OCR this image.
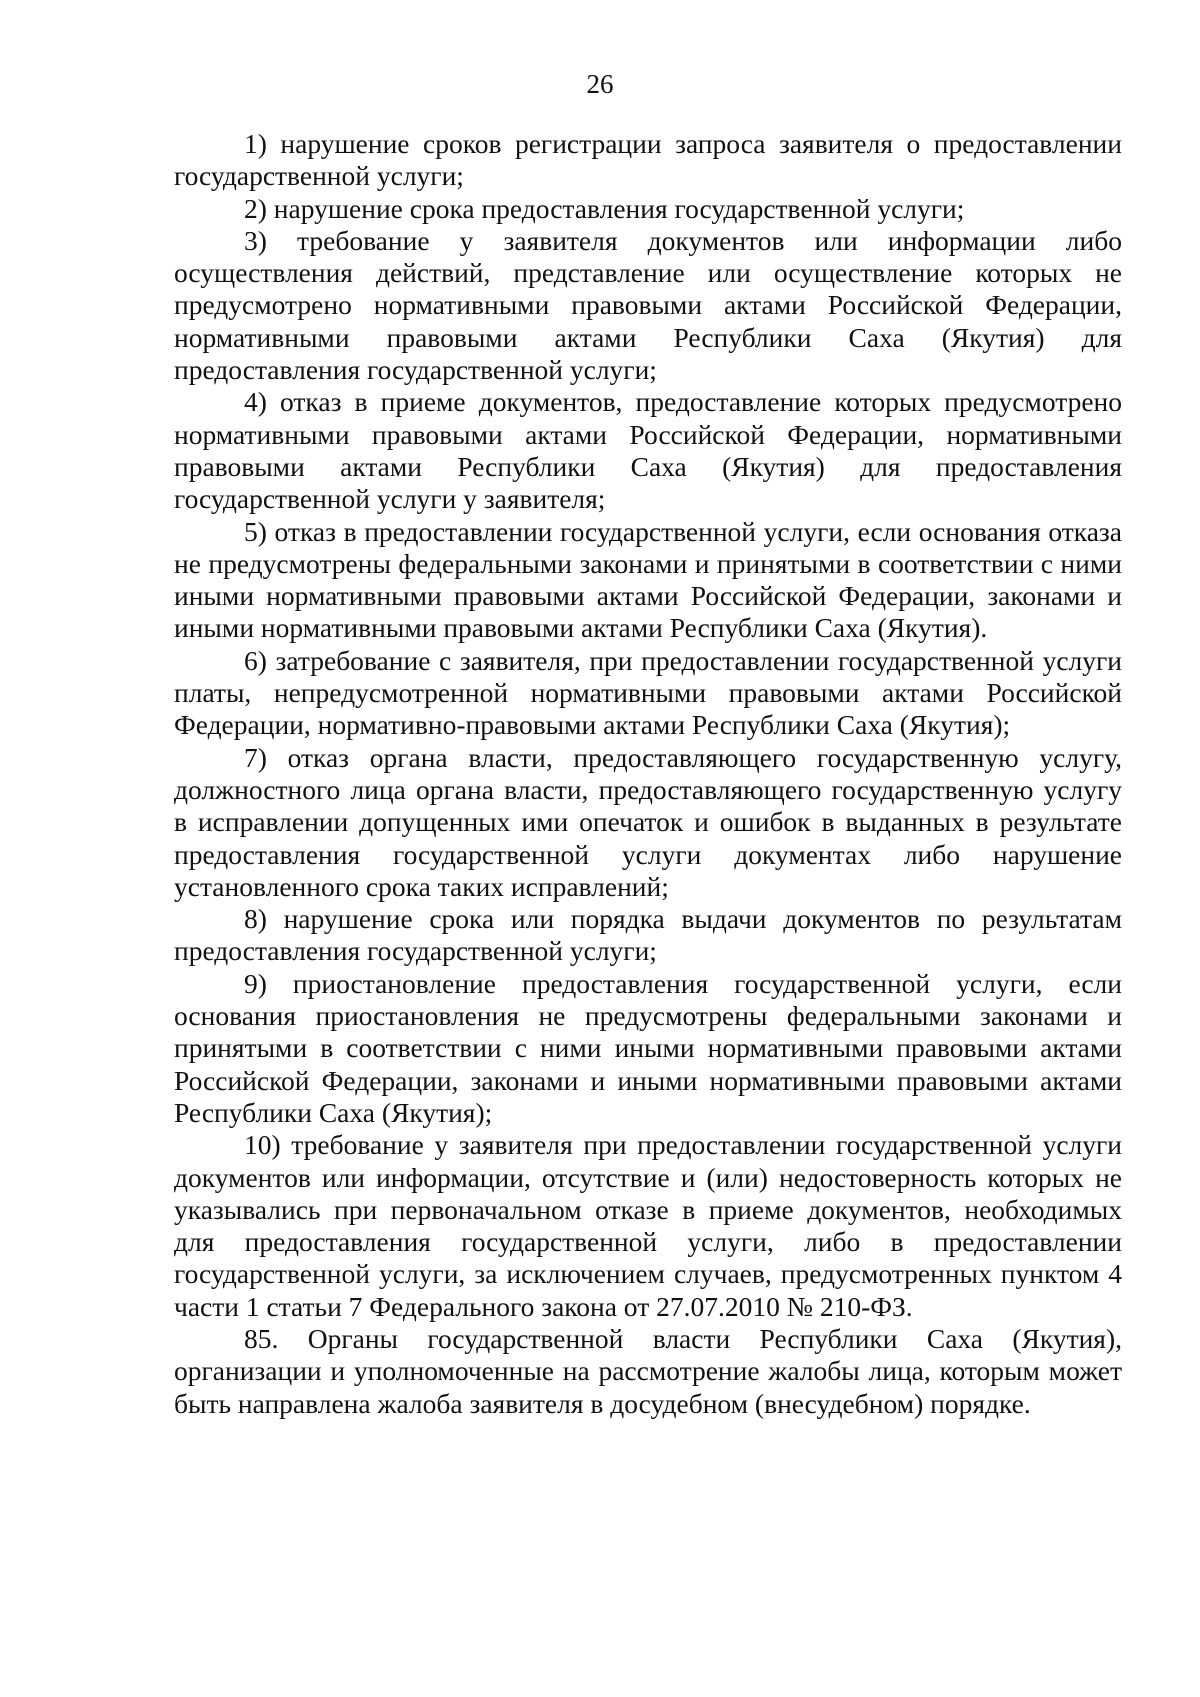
26

1) нарушение сроков регистрации запроса заявителя о предоставлении государственной услуги;

2) нарушение срока предоставления государственной услуги;

3) требование у заявителя документов или информации либо осуществления действий, представление или осуществление которых не предусмотрено нормативными правовыми актами Российской Федерации, нормативными правовыми актами Республики Саха (Якутия) для предоставления государственной услуги;

4) отказ в приеме документов, предоставление которых предусмотрено нормативными правовыми актами Российской Федерации, нормативными правовыми актами Республики Саха (Якутия) для предоставления государственной услуги у заявителя;

5) отказ в предоставлении государственной услуги, если основания отказа не предусмотрены федеральными законами и принятыми в соответствии с ними иными нормативными правовыми актами Российской Федерации, законами и иными нормативными правовыми актами Республики Саха (Якутия).

6) затребование с заявителя, при предоставлении государственной услуги платы, непредусмотренной нормативными правовыми актами Российской Федерации, нормативно-правовыми актами Республики Саха (Якутия);

7) отказ органа власти, предоставляющего государственную услугу, должностного лица органа власти, предоставляющего государственную услугу в исправлении допущенных ими опечаток и ошибок в выданных в результате предоставления государственной услуги документах либо нарушение установленного срока таких исправлений;

8) нарушение срока или порядка выдачи документов по результатам предоставления государственной услуги;

9) приостановление предоставления государственной услуги, если основания приостановления не предусмотрены федеральными законами и принятыми в соответствии с ними иными нормативными правовыми актами Российской Федерации, законами и иными нормативными правовыми актами Республики Саха (Якутия);

10) требование у заявителя при предоставлении государственной услуги документов или информации, отсутствие и (или) недостоверность которых не указывались при первоначальном отказе в приеме документов, необходимых для предоставления государственной услуги, либо в предоставлении государственной услуги, за исключением случаев, предусмотренных пунктом 4 части 1 статьи 7 Федерального закона от 27.07.2010 № 210-ФЗ.

85. Органы государственной власти Республики Саха (Якутия), организации и уполномоченные на рассмотрение жалобы лица, которым может быть направлена жалоба заявителя в досудебном (внесудебном) порядке.
